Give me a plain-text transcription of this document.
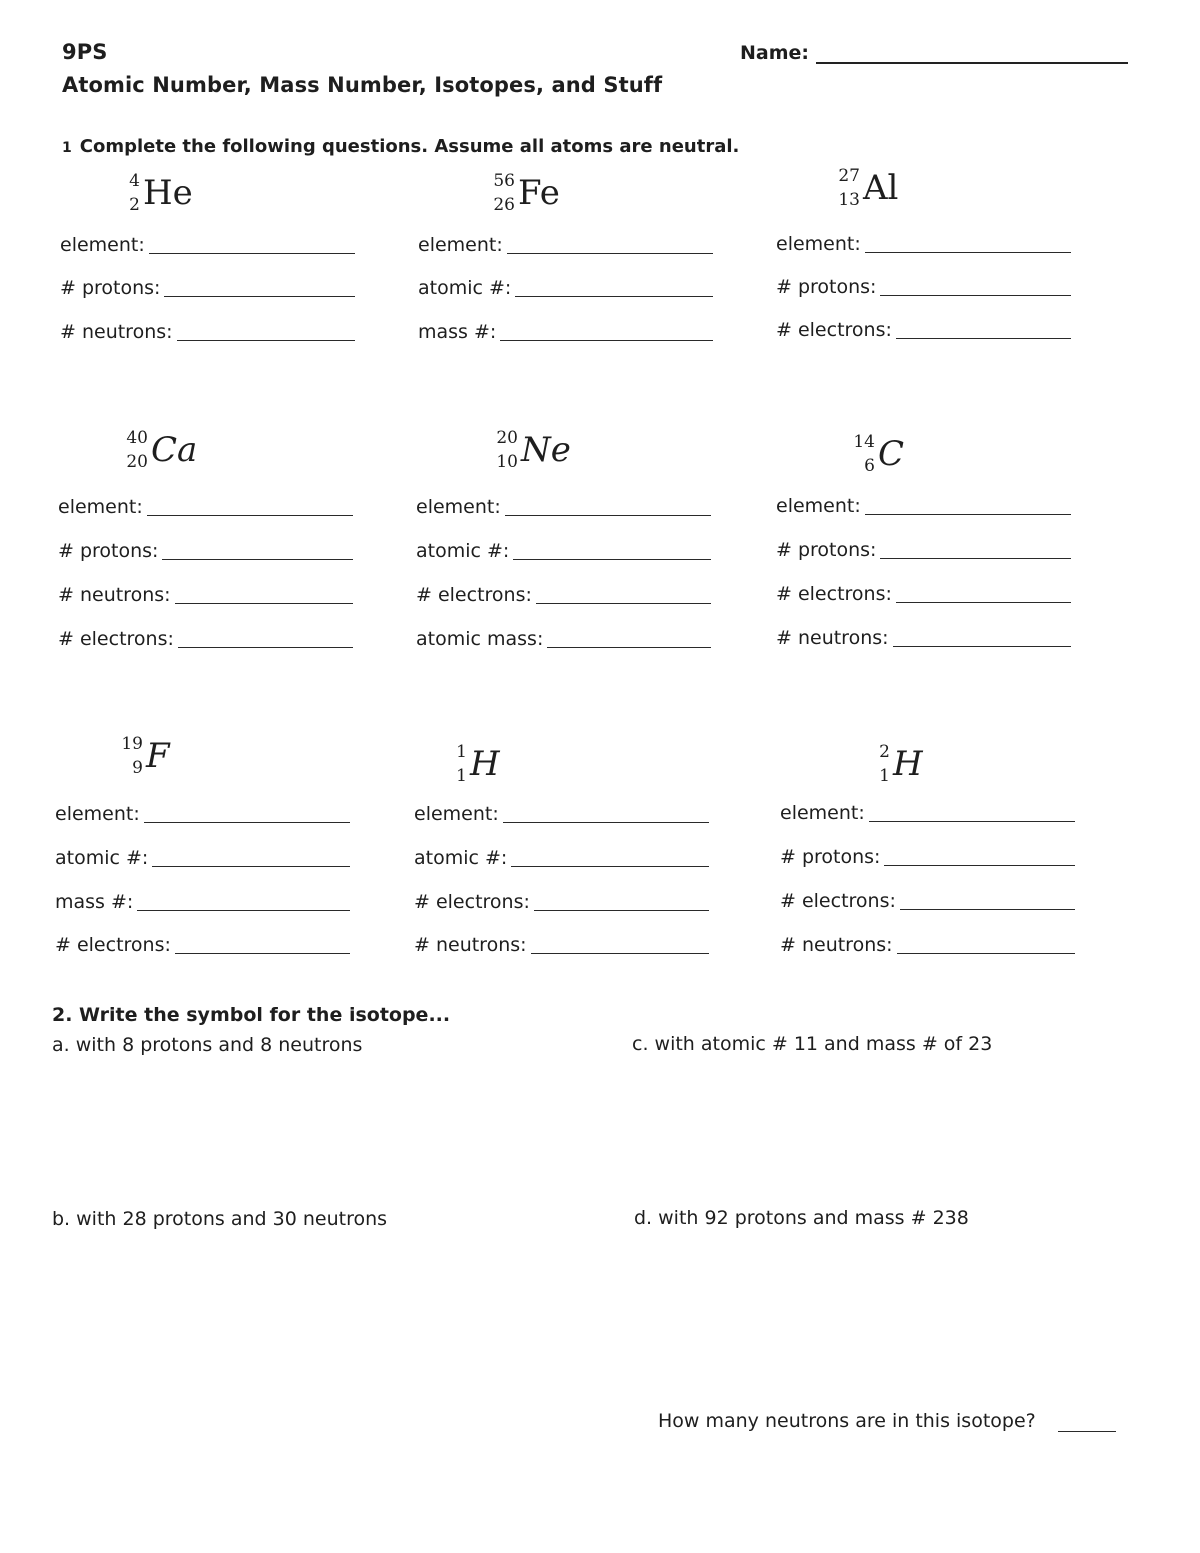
9PS
Atomic Number, Mass Number, Isotopes, and Stuff
Name:
1 Complete the following questions. Assume all atoms are neutral.
4
2 He
element:
# protons:
# neutrons:
56
26 Fe
element:
atomic #:
mass #:
27
13 Al
element:
# protons:
# electrons:
40
20 Ca
element:
# protons:
# neutrons:
# electrons:
20
10 Ne
element:
atomic #:
# electrons:
atomic mass:
14
6 C
element:
# protons:
# electrons:
# neutrons:
19
9 F
element:
atomic #:
mass #:
# electrons:
1
1 H
element:
atomic #:
# electrons:
# neutrons:
2
1 H
element:
# protons:
# electrons:
# neutrons:
2. Write the symbol for the isotope...
a. with 8 protons and 8 neutrons	c. with atomic # 11 and mass # of 23
b. with 28 protons and 30 neutrons	d. with 92 protons and mass # 238
How many neutrons are in this isotope?
